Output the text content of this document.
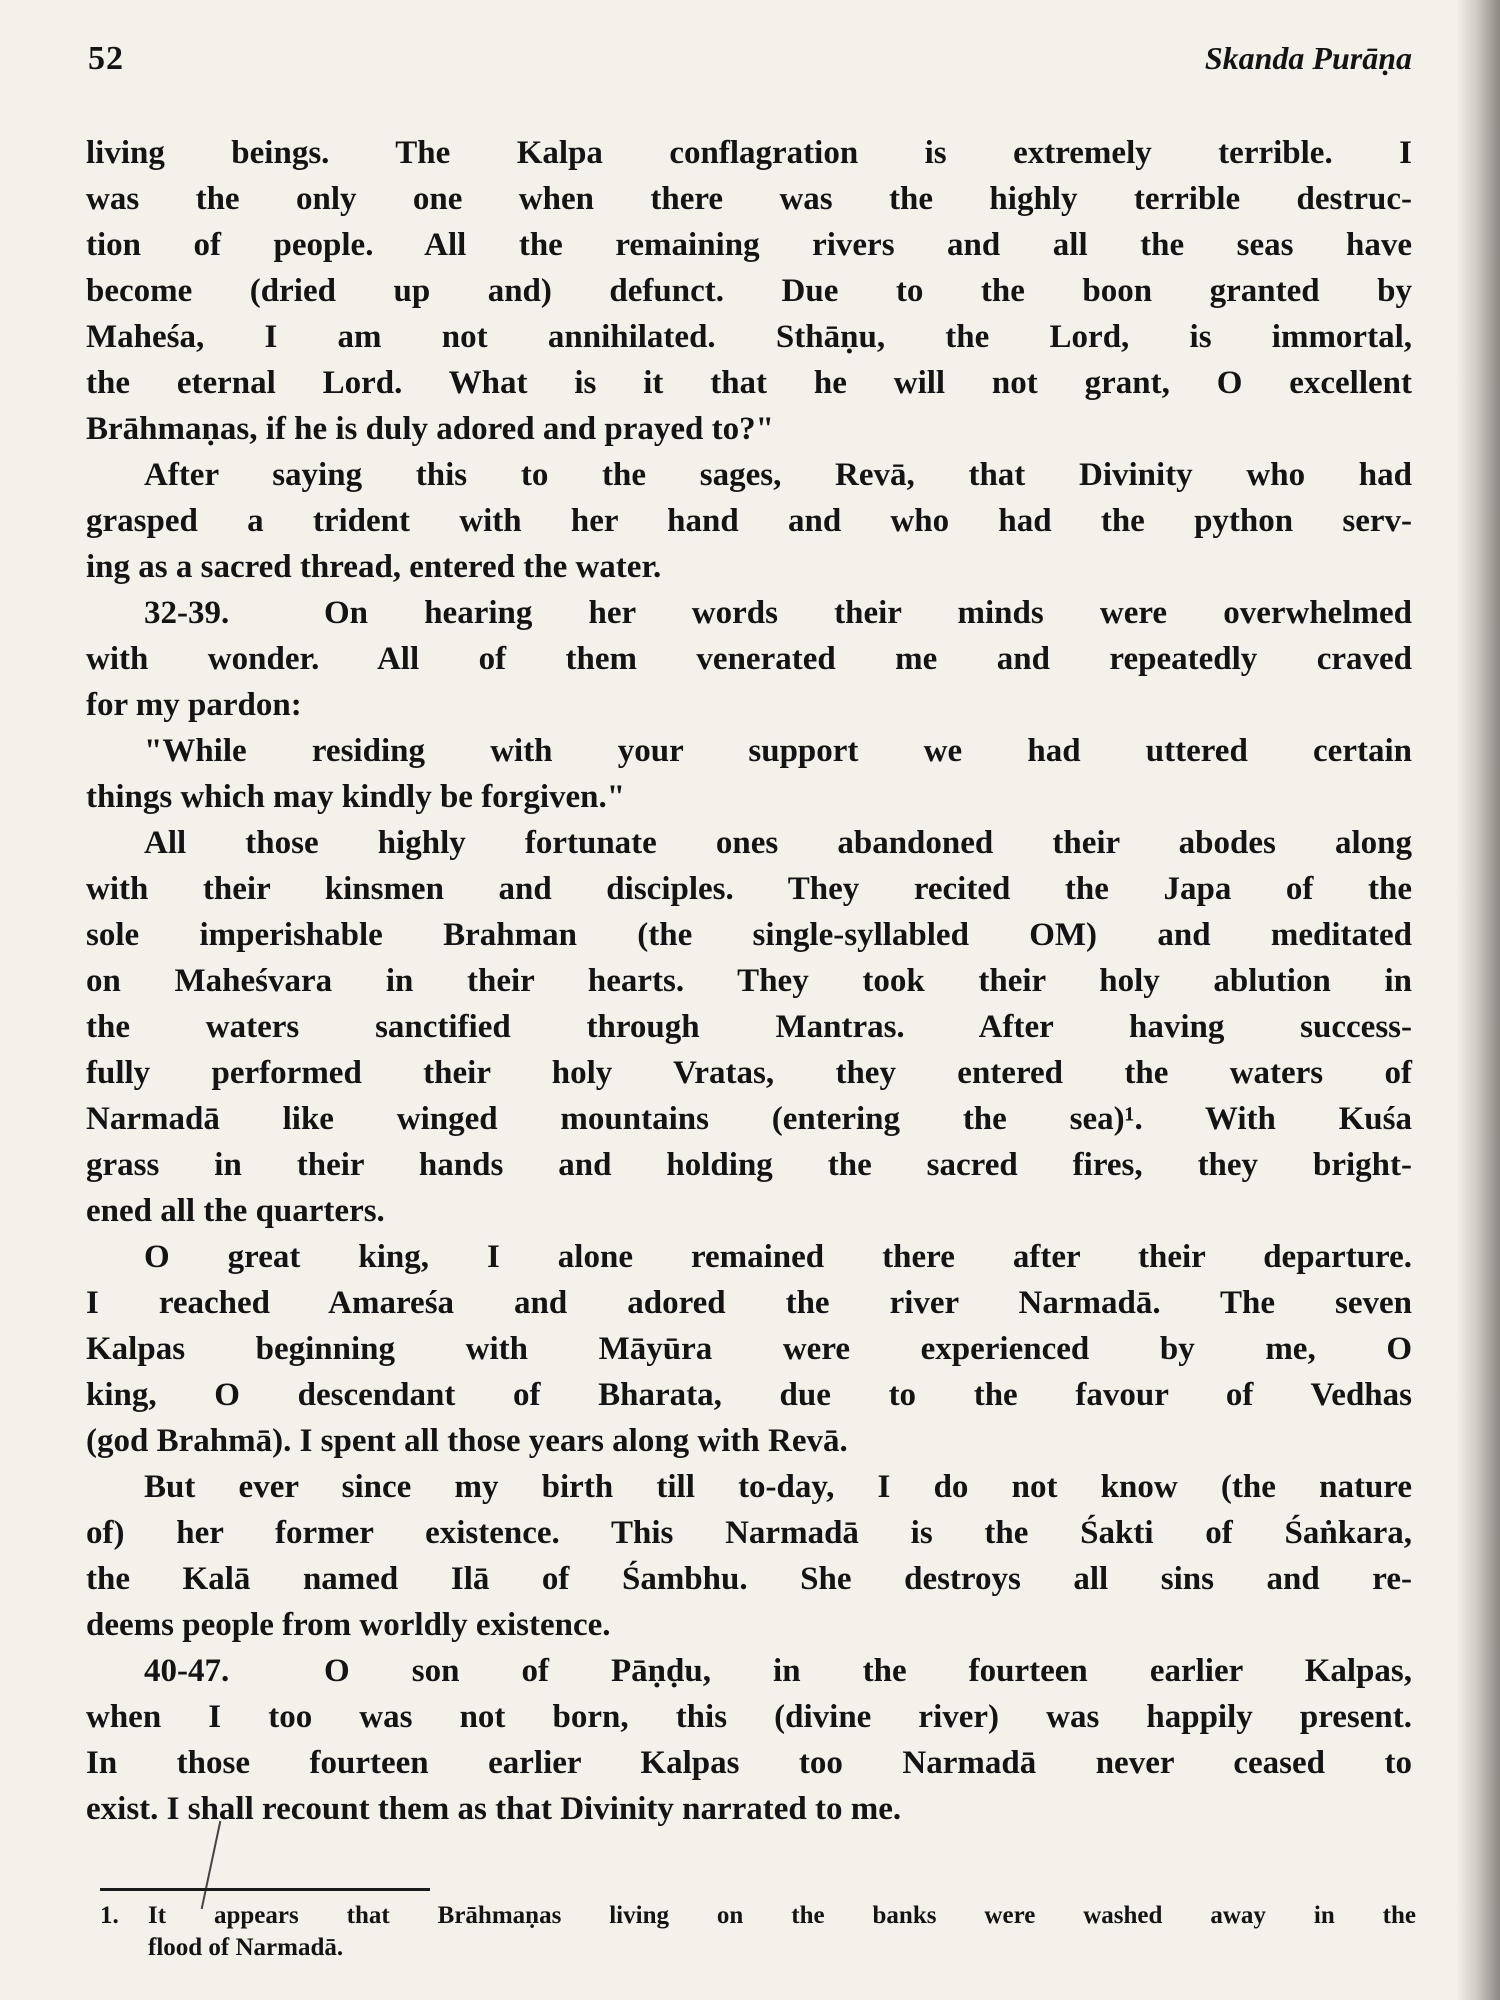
52	Skanda Purāṇa
living beings. The Kalpa conflagration is extremely terrible. I
was the only one when there was the highly terrible destruc-
tion of people. All the remaining rivers and all the seas have
become (dried up and) defunct. Due to the boon granted by
Maheśa, I am not annihilated. Sthāṇu, the Lord, is immortal,
the eternal Lord. What is it that he will not grant, O excellent
Brāhmaṇas, if he is duly adored and prayed to?"
After saying this to the sages, Revā, that Divinity who had
grasped a trident with her hand and who had the python serv-
ing as a sacred thread, entered the water.
32-39.	On hearing her words their minds were overwhelmed
with wonder. All of them venerated me and repeatedly craved
for my pardon:
"While residing with your support we had uttered certain
things which may kindly be forgiven."
All those highly fortunate ones abandoned their abodes along
with their kinsmen and disciples. They recited the Japa of the
sole imperishable Brahman (the single-syllabled OM) and meditated
on Maheśvara in their hearts. They took their holy ablution in
the waters sanctified through Mantras. After having success-
fully performed their holy Vratas, they entered the waters of
Narmadā like winged mountains (entering the sea)¹. With Kuśa
grass in their hands and holding the sacred fires, they bright-
ened all the quarters.
O great king, I alone remained there after their departure.
I reached Amareśa and adored the river Narmadā. The seven
Kalpas beginning with Māyūra were experienced by me, O
king, O descendant of Bharata, due to the favour of Vedhas
(god Brahmā). I spent all those years along with Revā.
But ever since my birth till to-day, I do not know (the nature
of) her former existence. This Narmadā is the Śakti of Śaṅkara,
the Kalā named Ilā of Śambhu. She destroys all sins and re-
deems people from worldly existence.
40-47.	O son of Pāṇḍu, in the fourteen earlier Kalpas,
when I too was not born, this (divine river) was happily present.
In those fourteen earlier Kalpas too Narmadā never ceased to
exist. I shall recount them as that Divinity narrated to me.
1. It appears that Brāhmaṇas living on the banks were washed away in the
flood of Narmadā.
